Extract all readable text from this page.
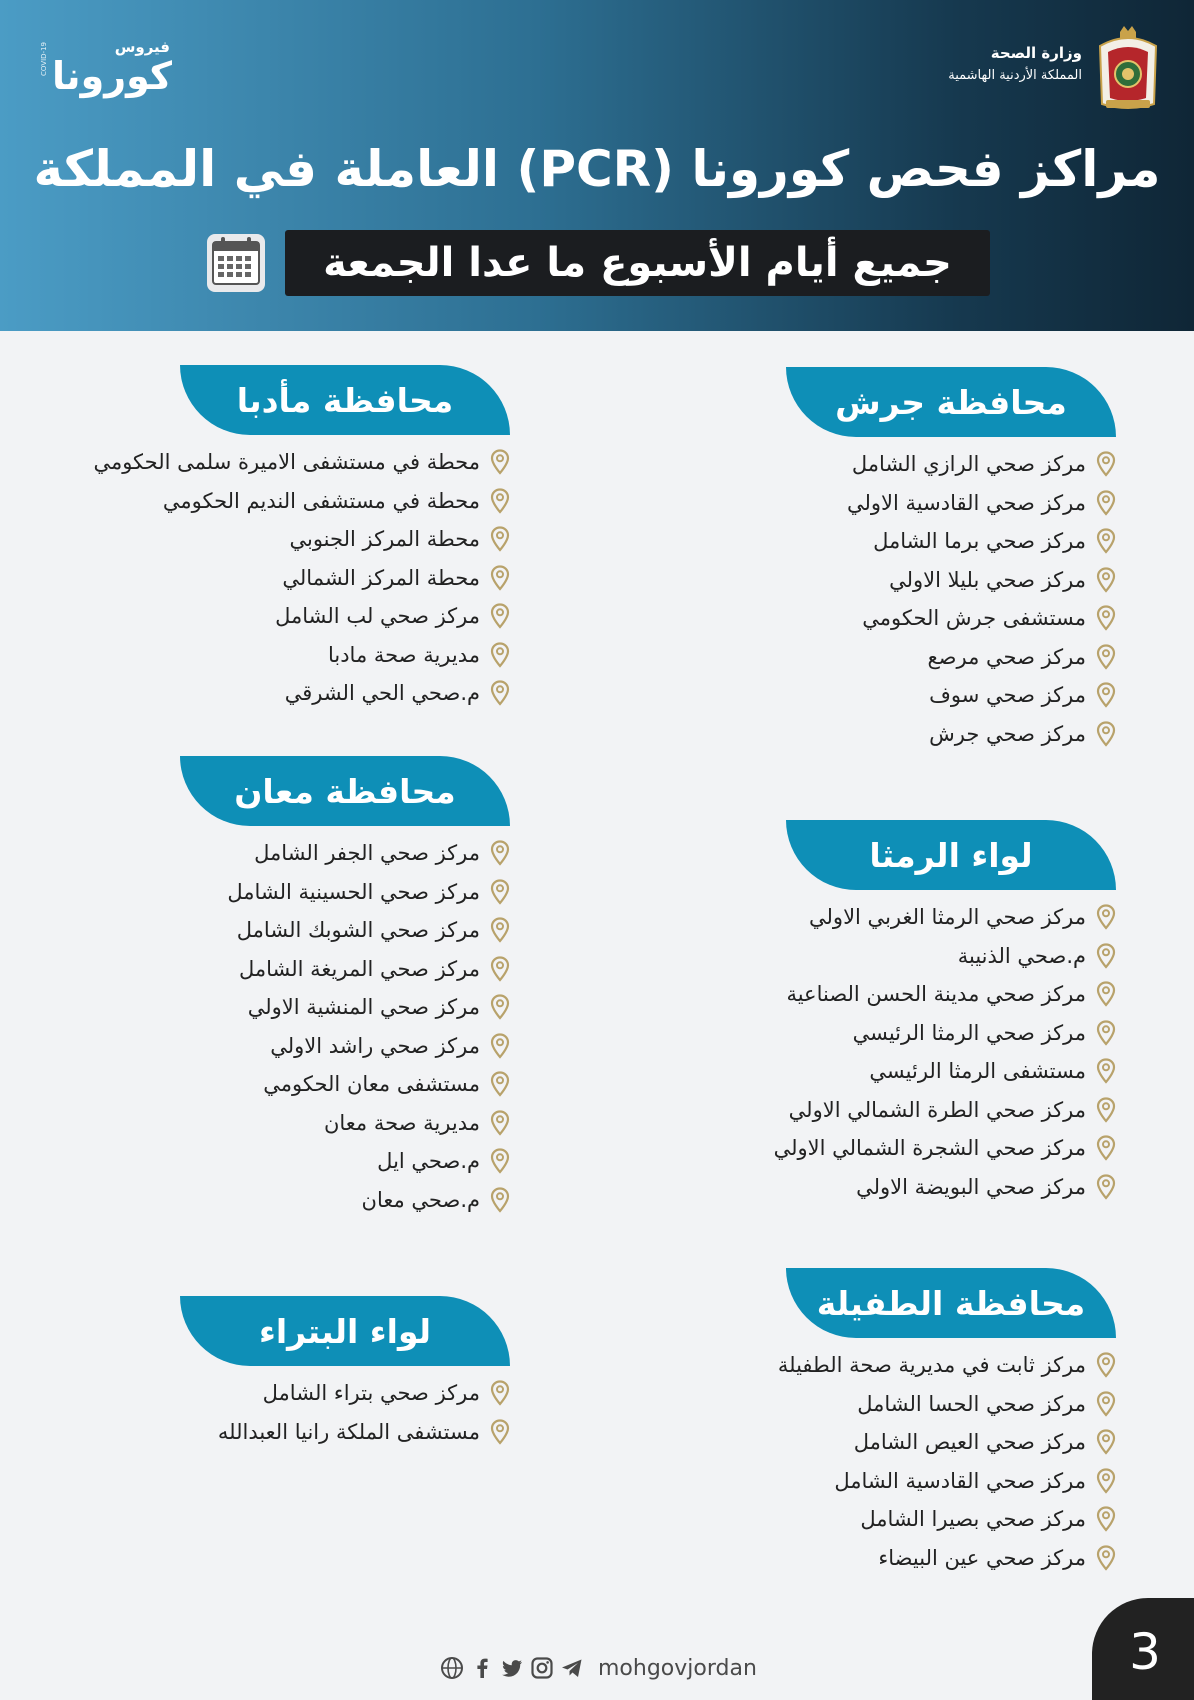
COVID-19	فيروس
كورونا
وزارة الصحة
المملكة الأردنية الهاشمية
مراكز فحص كورونا (PCR) العاملة في المملكة
جميع أيام الأسبوع ما عدا الجمعة
محافظة جرش
مركز صحي الرازي الشامل
مركز صحي القادسية الاولي
مركز صحي برما الشامل
مركز صحي بليلا الاولي
مستشفى جرش الحكومي
مركز صحي مرصع
مركز صحي سوف
مركز صحي جرش
لواء الرمثا
مركز صحي الرمثا الغربي الاولي
م.صحي الذنيبة
مركز صحي مدينة الحسن الصناعية
مركز صحي الرمثا الرئيسي
مستشفى الرمثا الرئيسي
مركز صحي الطرة الشمالي الاولي
مركز صحي الشجرة الشمالي الاولي
مركز صحي البويضة الاولي
محافظة الطفيلة
مركز ثابت في مديرية صحة الطفيلة
مركز صحي الحسا الشامل
مركز صحي العيص الشامل
مركز صحي القادسية الشامل
مركز صحي بصيرا الشامل
مركز صحي عين البيضاء
محافظة مأدبا
محطة في مستشفى الاميرة سلمى الحكومي
محطة في مستشفى النديم الحكومي
محطة المركز الجنوبي
محطة المركز الشمالي
مركز صحي لب الشامل
مديرية صحة مادبا
م.صحي الحي الشرقي
محافظة معان
مركز صحي الجفر الشامل
مركز صحي الحسينية الشامل
مركز صحي الشوبك الشامل
مركز صحي المريغة الشامل
مركز صحي المنشية الاولي
مركز صحي راشد الاولي
مستشفى معان الحكومي
مديرية صحة معان
م.صحي ايل
م.صحي معان
لواء البتراء
مركز صحي بتراء الشامل
مستشفى الملكة رانيا العبدالله
mohgovjordan	3
